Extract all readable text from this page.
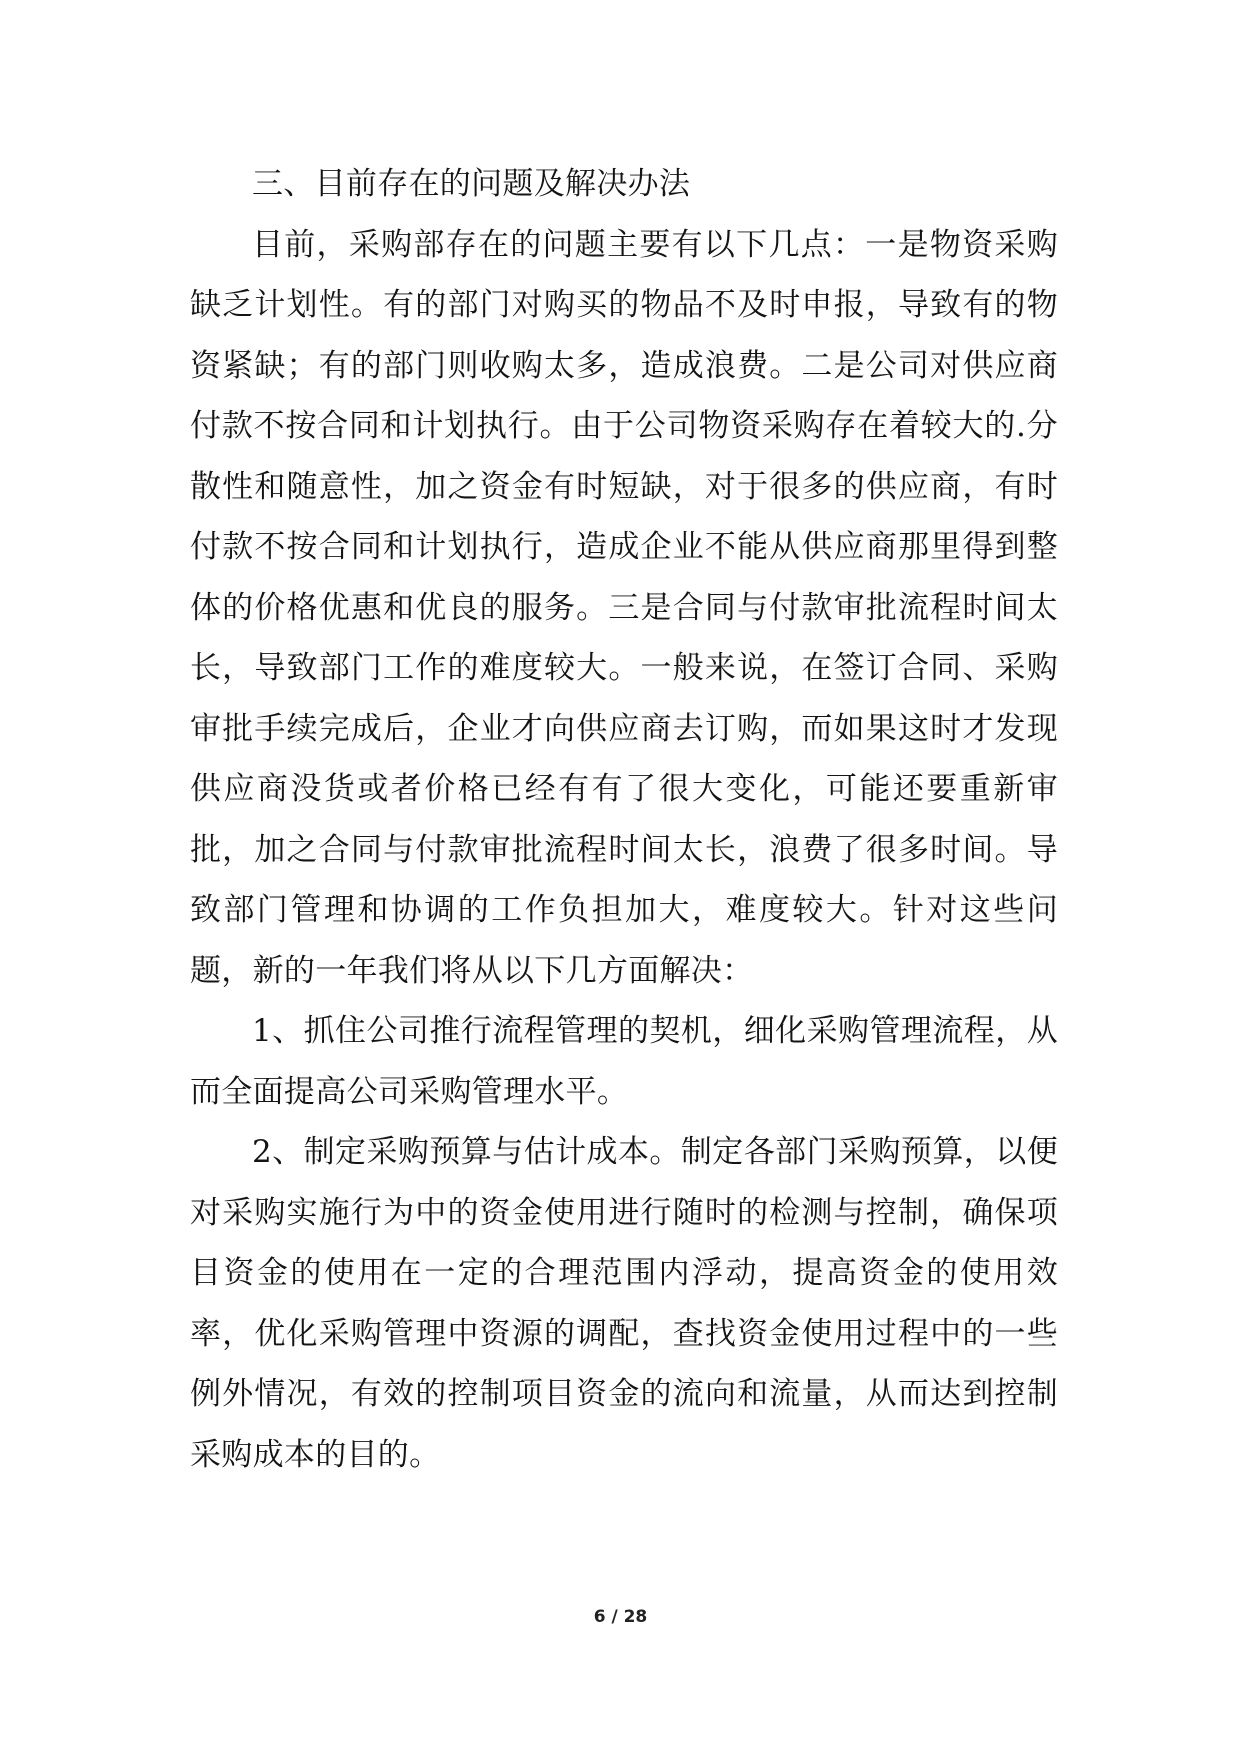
三、目前存在的问题及解决办法

目前，采购部存在的问题主要有以下几点：一是物资采购缺乏计划性。有的部门对购买的物品不及时申报，导致有的物资紧缺；有的部门则收购太多，造成浪费。二是公司对供应商付款不按合同和计划执行。由于公司物资采购存在着较大的.分散性和随意性，加之资金有时短缺，对于很多的供应商，有时付款不按合同和计划执行，造成企业不能从供应商那里得到整体的价格优惠和优良的服务。三是合同与付款审批流程时间太长，导致部门工作的难度较大。一般来说，在签订合同、采购审批手续完成后，企业才向供应商去订购，而如果这时才发现供应商没货或者价格已经有有了很大变化，可能还要重新审批，加之合同与付款审批流程时间太长，浪费了很多时间。导致部门管理和协调的工作负担加大，难度较大。针对这些问题，新的一年我们将从以下几方面解决：

1、抓住公司推行流程管理的契机，细化采购管理流程，从而全面提高公司采购管理水平。

2、制定采购预算与估计成本。制定各部门采购预算，以便对采购实施行为中的资金使用进行随时的检测与控制，确保项目资金的使用在一定的合理范围内浮动，提高资金的使用效率，优化采购管理中资源的调配，查找资金使用过程中的一些例外情况，有效的控制项目资金的流向和流量，从而达到控制采购成本的目的。

6 / 28
